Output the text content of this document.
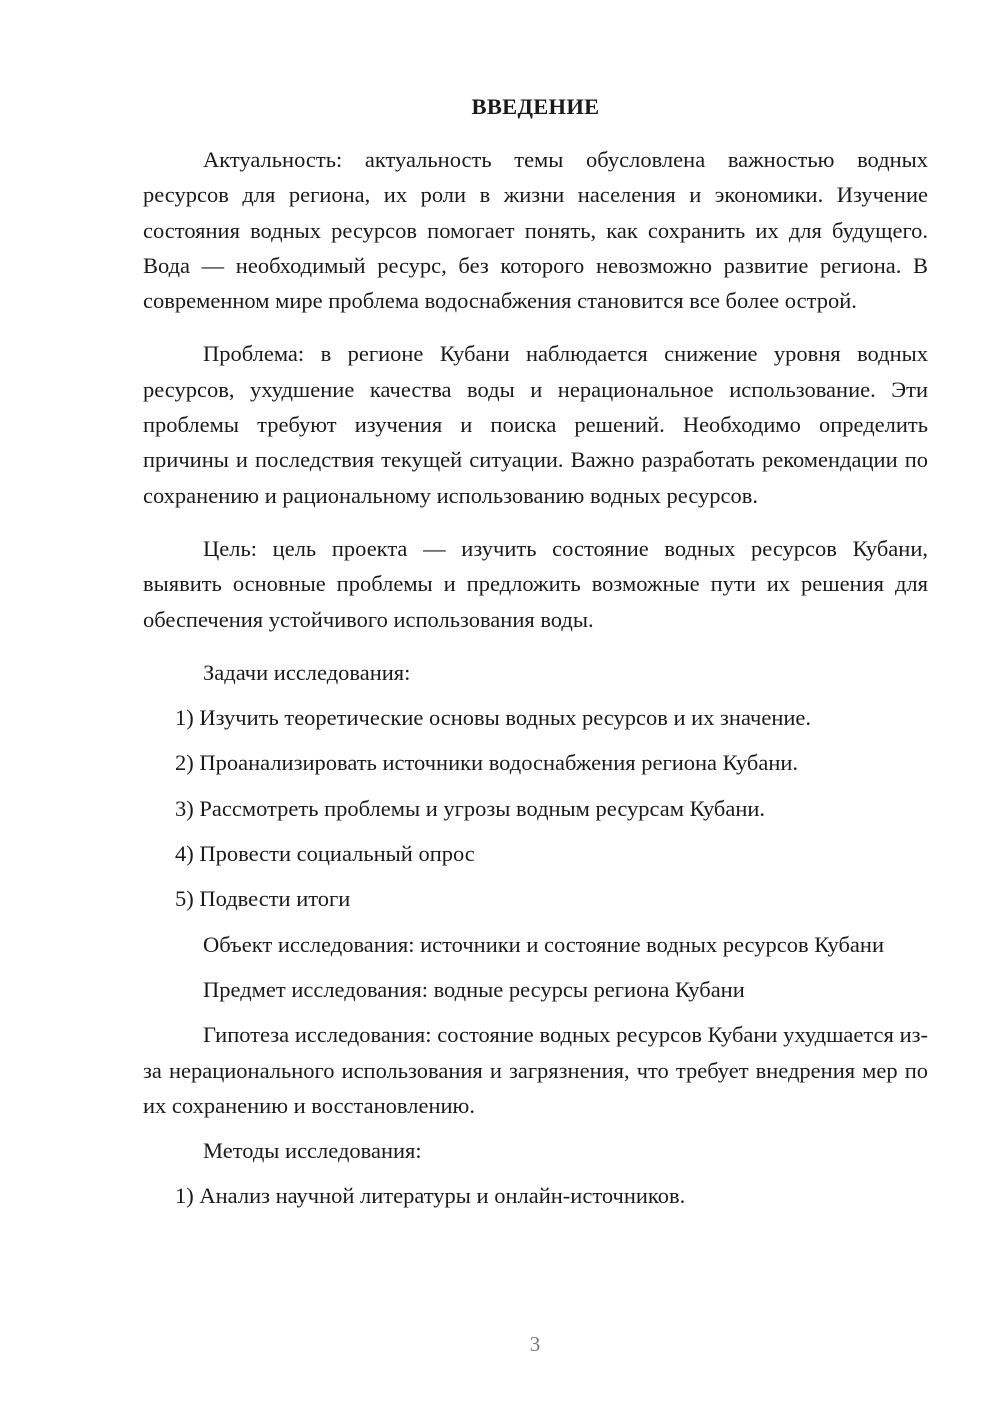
ВВЕДЕНИЕ

Актуальность: актуальность темы обусловлена важностью водных ресурсов для региона, их роли в жизни населения и экономики. Изучение состояния водных ресурсов помогает понять, как сохранить их для будущего. Вода — необходимый ресурс, без которого невозможно развитие региона. В современном мире проблема водоснабжения становится все более острой.

Проблема: в регионе Кубани наблюдается снижение уровня водных ресурсов, ухудшение качества воды и нерациональное использование. Эти проблемы требуют изучения и поиска решений. Необходимо определить причины и последствия текущей ситуации. Важно разработать рекомендации по сохранению и рациональному использованию водных ресурсов.

Цель: цель проекта — изучить состояние водных ресурсов Кубани, выявить основные проблемы и предложить возможные пути их решения для обеспечения устойчивого использования воды.

Задачи исследования:

1) Изучить теоретические основы водных ресурсов и их значение.

2) Проанализировать источники водоснабжения региона Кубани.

3) Рассмотреть проблемы и угрозы водным ресурсам Кубани.

4) Провести социальный опрос

5) Подвести итоги

Объект исследования: источники и состояние водных ресурсов Кубани

Предмет исследования: водные ресурсы региона Кубани

Гипотеза исследования: состояние водных ресурсов Кубани ухудшается из-за нерационального использования и загрязнения, что требует внедрения мер по их сохранению и восстановлению.

Методы исследования:

1) Анализ научной литературы и онлайн-источников.

3
